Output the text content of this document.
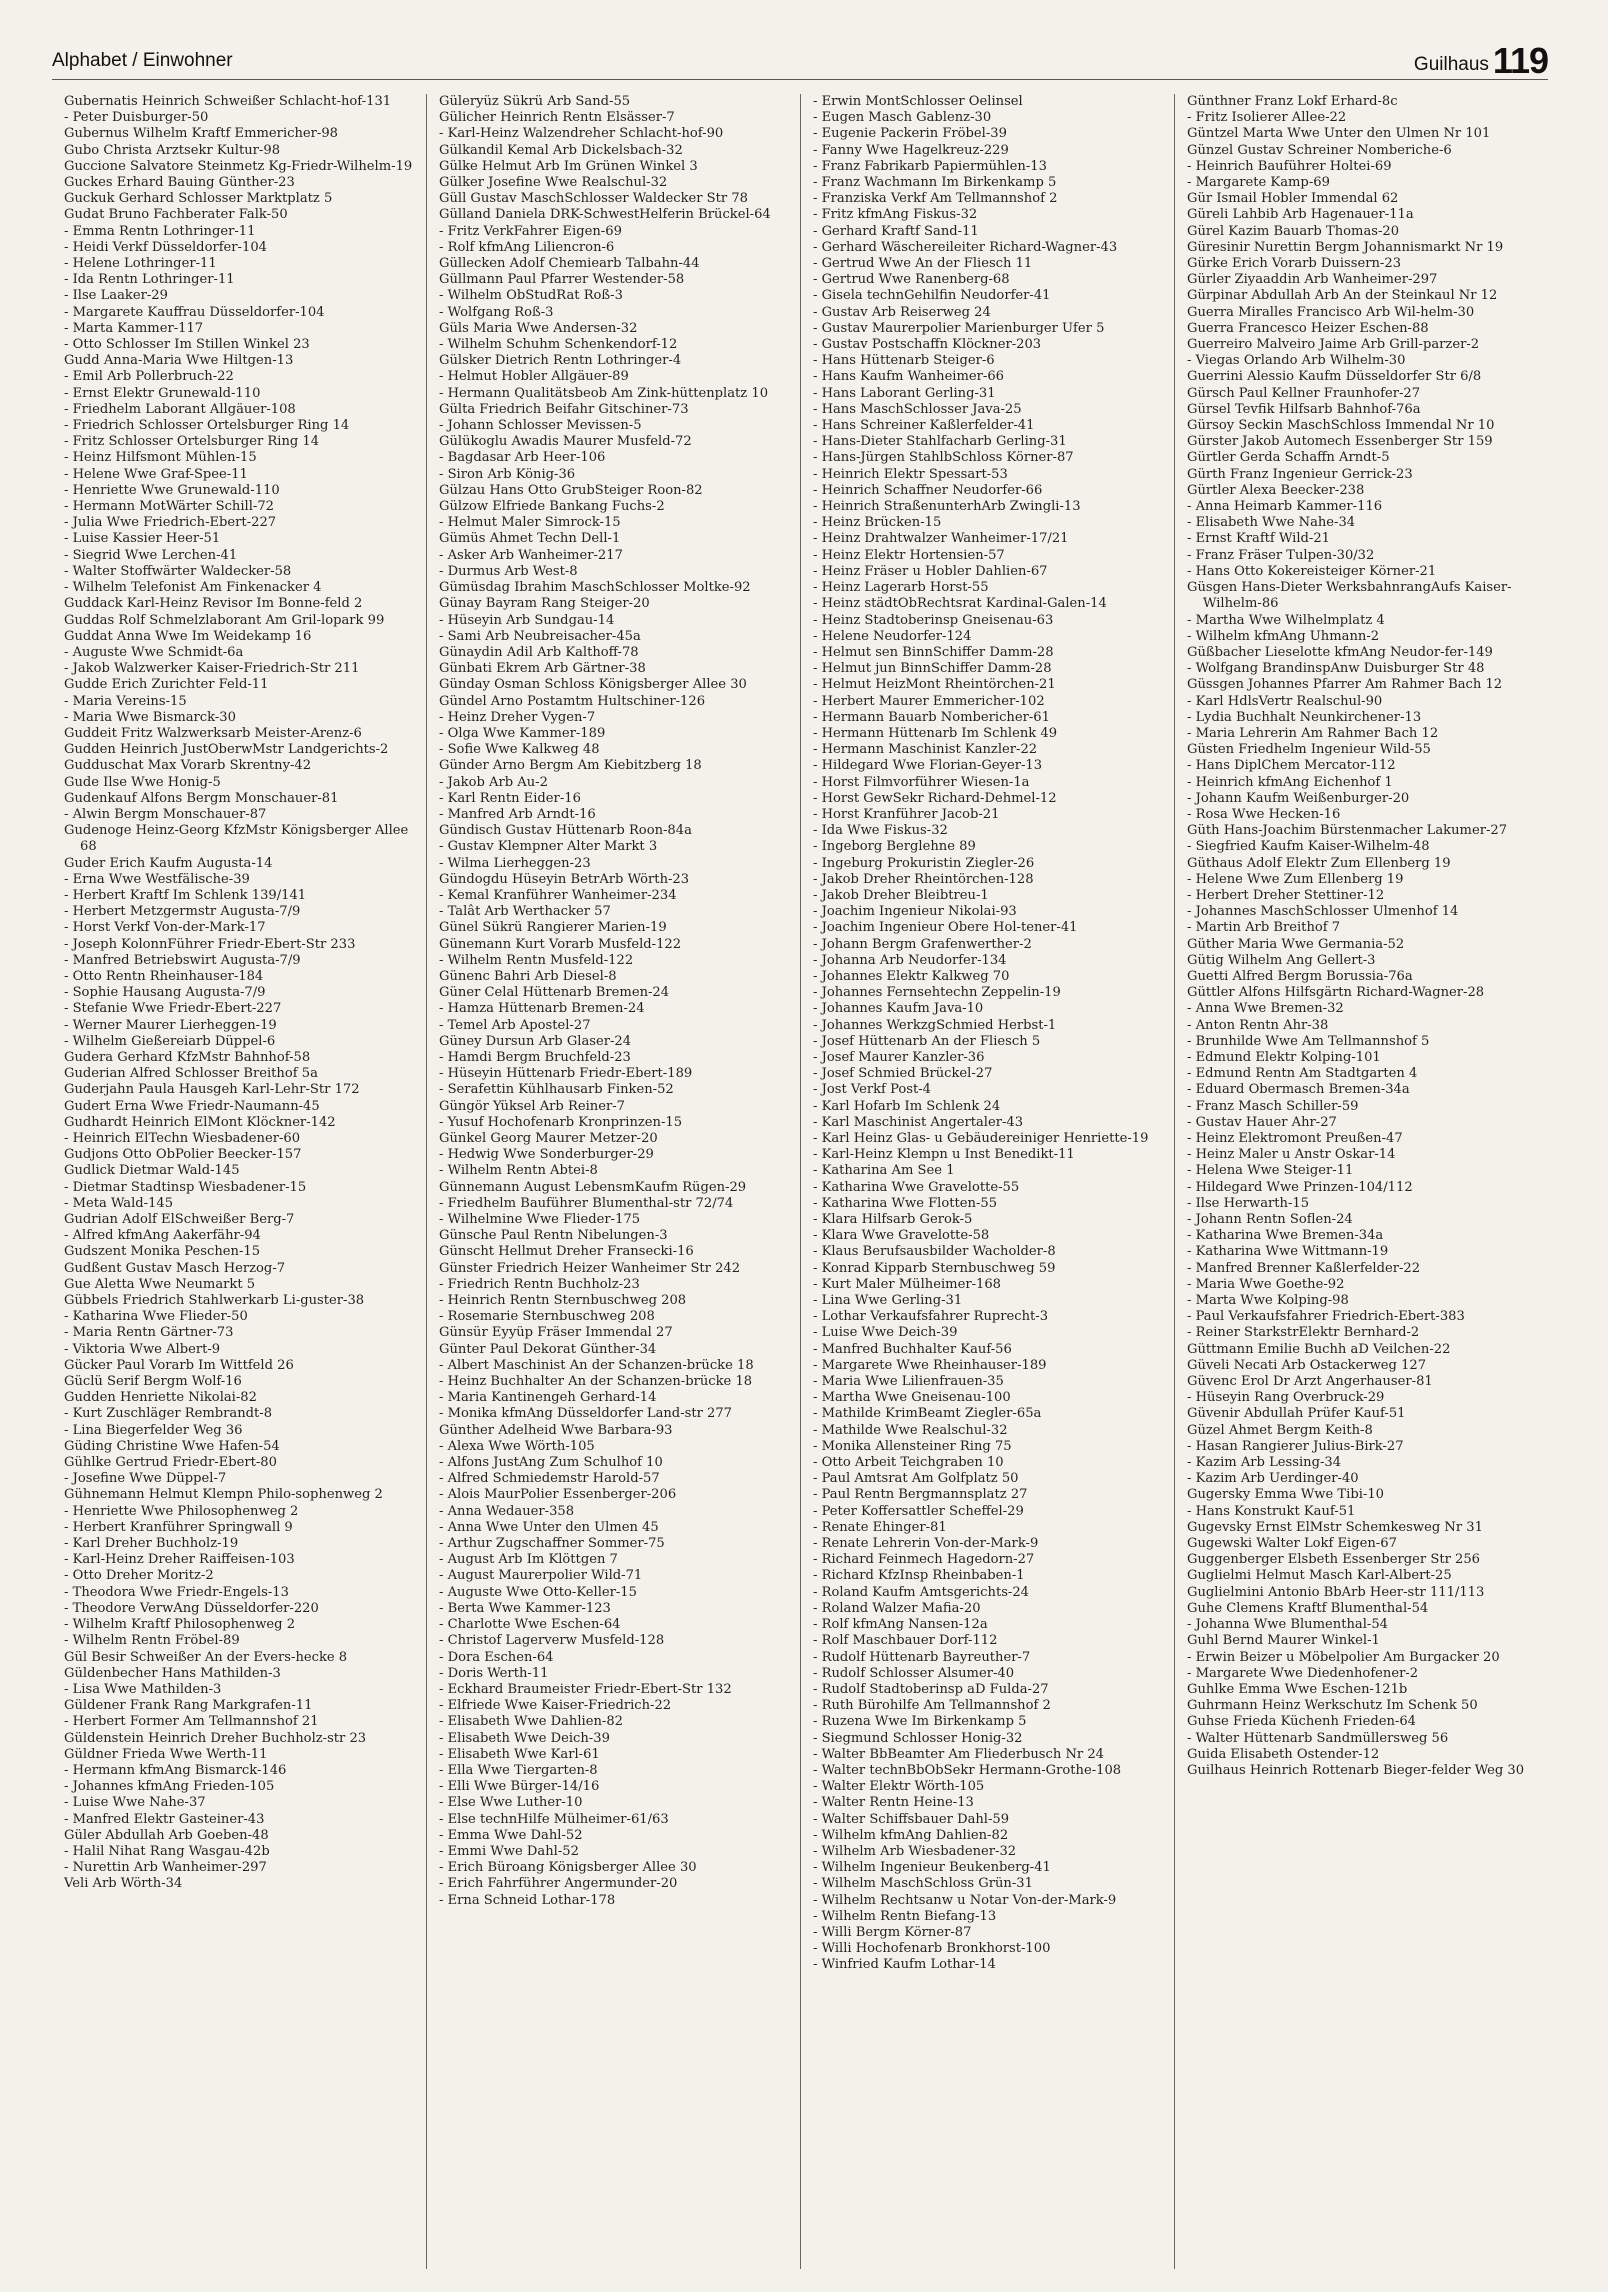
Alphabet / Einwohner	Guilhaus 119

Gubernatis Heinrich Schweißer Schlacht-hof-131

- Peter Duisburger-50

Gubernus Wilhelm Kraftf Emmericher-98

Gubo Christa Arztsekr Kultur-98

Guccione Salvatore Steinmetz Kg-Friedr-Wilhelm-19

Guckes Erhard Bauing Günther-23

Guckuk Gerhard Schlosser Marktplatz 5

Gudat Bruno Fachberater Falk-50

- Emma Rentn Lothringer-11

- Heidi Verkf Düsseldorfer-104

- Helene Lothringer-11

- Ida Rentn Lothringer-11

- Ilse Laaker-29

- Margarete Kauffrau Düsseldorfer-104

- Marta Kammer-117

- Otto Schlosser Im Stillen Winkel 23

Gudd Anna-Maria Wwe Hiltgen-13

- Emil Arb Pollerbruch-22

- Ernst Elektr Grunewald-110

- Friedhelm Laborant Allgäuer-108

- Friedrich Schlosser Ortelsburger Ring 14

- Fritz Schlosser Ortelsburger Ring 14

- Heinz Hilfsmont Mühlen-15

- Helene Wwe Graf-Spee-11

- Henriette Wwe Grunewald-110

- Hermann MotWärter Schill-72

- Julia Wwe Friedrich-Ebert-227

- Luise Kassier Heer-51

- Siegrid Wwe Lerchen-41

- Walter Stoffwärter Waldecker-58

- Wilhelm Telefonist Am Finkenacker 4

Guddack Karl-Heinz Revisor Im Bonne-feld 2

Guddas Rolf Schmelzlaborant Am Gril-lopark 99

Guddat Anna Wwe Im Weidekamp 16

- Auguste Wwe Schmidt-6a

- Jakob Walzwerker Kaiser-Friedrich-Str 211

Gudde Erich Zurichter Feld-11

- Maria Vereins-15

- Maria Wwe Bismarck-30

Guddeit Fritz Walzwerksarb Meister-Arenz-6

Gudden Heinrich JustOberwMstr Landgerichts-2

Gudduschat Max Vorarb Skrentny-42

Gude Ilse Wwe Honig-5

Gudenkauf Alfons Bergm Monschauer-81

- Alwin Bergm Monschauer-87

Gudenoge Heinz-Georg KfzMstr Königsberger Allee 68

Guder Erich Kaufm Augusta-14

- Erna Wwe Westfälische-39

- Herbert Kraftf Im Schlenk 139/141

- Herbert Metzgermstr Augusta-7/9

- Horst Verkf Von-der-Mark-17

- Joseph KolonnFührer Friedr-Ebert-Str 233

- Manfred Betriebswirt Augusta-7/9

- Otto Rentn Rheinhauser-184

- Sophie Hausang Augusta-7/9

- Stefanie Wwe Friedr-Ebert-227

- Werner Maurer Lierheggen-19

- Wilhelm Gießereiarb Düppel-6

Gudera Gerhard KfzMstr Bahnhof-58

Guderian Alfred Schlosser Breithof 5a

Guderjahn Paula Hausgeh Karl-Lehr-Str 172

Gudert Erna Wwe Friedr-Naumann-45

Gudhardt Heinrich ElMont Klöckner-142

- Heinrich ElTechn Wiesbadener-60

Gudjons Otto ObPolier Beecker-157

Gudlick Dietmar Wald-145

- Dietmar Stadtinsp Wiesbadener-15

- Meta Wald-145

Gudrian Adolf ElSchweißer Berg-7

- Alfred kfmAng Aakerfähr-94

Gudszent Monika Peschen-15

Gudßent Gustav Masch Herzog-7

Gue Aletta Wwe Neumarkt 5

Gübbels Friedrich Stahlwerkarb Li-guster-38

- Katharina Wwe Flieder-50

- Maria Rentn Gärtner-73

- Viktoria Wwe Albert-9

Gücker Paul Vorarb Im Wittfeld 26

Güclü Serif Bergm Wolf-16

Gudden Henriette Nikolai-82

- Kurt Zuschläger Rembrandt-8

- Lina Biegerfelder Weg 36

Güding Christine Wwe Hafen-54

Gühlke Gertrud Friedr-Ebert-80

- Josefine Wwe Düppel-7

Gühnemann Helmut Klempn Philo-sophenweg 2

- Henriette Wwe Philosophenweg 2

- Herbert Kranführer Springwall 9

- Karl Dreher Buchholz-19

- Karl-Heinz Dreher Raiffeisen-103

- Otto Dreher Moritz-2

- Theodora Wwe Friedr-Engels-13

- Theodore VerwAng Düsseldorfer-220

- Wilhelm Kraftf Philosophenweg 2

- Wilhelm Rentn Fröbel-89

Gül Besir Schweißer An der Evers-hecke 8

Güldenbecher Hans Mathilden-3

- Lisa Wwe Mathilden-3

Güldener Frank Rang Markgrafen-11

- Herbert Former Am Tellmannshof 21

Güldenstein Heinrich Dreher Buchholz-str 23

Güldner Frieda Wwe Werth-11

- Hermann kfmAng Bismarck-146

- Johannes kfmAng Frieden-105

- Luise Wwe Nahe-37

- Manfred Elektr Gasteiner-43

Güler Abdullah Arb Goeben-48

- Halil Nihat Rang Wasgau-42b

- Nurettin Arb Wanheimer-297

Veli Arb Wörth-34

Güleryüz Sükrü Arb Sand-55

Gülicher Heinrich Rentn Elsässer-7

- Karl-Heinz Walzendreher Schlacht-hof-90

Gülkandil Kemal Arb Dickelsbach-32

Gülke Helmut Arb Im Grünen Winkel 3

Gülker Josefine Wwe Realschul-32

Güll Gustav MaschSchlosser Waldecker Str 78

Gülland Daniela DRK-SchwestHelferin Brückel-64

- Fritz VerkFahrer Eigen-69

- Rolf kfmAng Liliencron-6

Güllecken Adolf Chemiearb Talbahn-44

Güllmann Paul Pfarrer Westender-58

- Wilhelm ObStudRat Roß-3

- Wolfgang Roß-3

Güls Maria Wwe Andersen-32

- Wilhelm Schuhm Schenkendorf-12

Gülsker Dietrich Rentn Lothringer-4

- Helmut Hobler Allgäuer-89

- Hermann Qualitätsbeob Am Zink-hüttenplatz 10

Gülta Friedrich Beifahr Gitschiner-73

- Johann Schlosser Mevissen-5

Gülükoglu Awadis Maurer Musfeld-72

- Bagdasar Arb Heer-106

- Siron Arb König-36

Gülzau Hans Otto GrubSteiger Roon-82

Gülzow Elfriede Bankang Fuchs-2

- Helmut Maler Simrock-15

Gümüs Ahmet Techn Dell-1

- Asker Arb Wanheimer-217

- Durmus Arb West-8

Gümüsdag Ibrahim MaschSchlosser Moltke-92

Günay Bayram Rang Steiger-20

- Hüseyin Arb Sundgau-14

- Sami Arb Neubreisacher-45a

Günaydin Adil Arb Kalthoff-78

Günbati Ekrem Arb Gärtner-38

Günday Osman Schloss Königsberger Allee 30

Gündel Arno Postamtm Hultschiner-126

- Heinz Dreher Vygen-7

- Olga Wwe Kammer-189

- Sofie Wwe Kalkweg 48

Günder Arno Bergm Am Kiebitzberg 18

- Jakob Arb Au-2

- Karl Rentn Eider-16

- Manfred Arb Arndt-16

Gündisch Gustav Hüttenarb Roon-84a

- Gustav Klempner Alter Markt 3

- Wilma Lierheggen-23

Gündogdu Hüseyin BetrArb Wörth-23

- Kemal Kranführer Wanheimer-234

- Talât Arb Werthacker 57

Günel Sükrü Rangierer Marien-19

Günemann Kurt Vorarb Musfeld-122

- Wilhelm Rentn Musfeld-122

Günenc Bahri Arb Diesel-8

Güner Celal Hüttenarb Bremen-24

- Hamza Hüttenarb Bremen-24

- Temel Arb Apostel-27

Güney Dursun Arb Glaser-24

- Hamdi Bergm Bruchfeld-23

- Hüseyin Hüttenarb Friedr-Ebert-189

- Serafettin Kühlhausarb Finken-52

Güngör Yüksel Arb Reiner-7

- Yusuf Hochofenarb Kronprinzen-15

Günkel Georg Maurer Metzer-20

- Hedwig Wwe Sonderburger-29

- Wilhelm Rentn Abtei-8

Günnemann August LebensmKaufm Rügen-29

- Friedhelm Bauführer Blumenthal-str 72/74

- Wilhelmine Wwe Flieder-175

Günsche Paul Rentn Nibelungen-3

Günscht Hellmut Dreher Fransecki-16

Günster Friedrich Heizer Wanheimer Str 242

- Friedrich Rentn Buchholz-23

- Heinrich Rentn Sternbuschweg 208

- Rosemarie Sternbuschweg 208

Günsür Eyyüp Fräser Immendal 27

Günter Paul Dekorat Günther-34

- Albert Maschinist An der Schanzen-brücke 18

- Heinz Buchhalter An der Schanzen-brücke 18

- Maria Kantinengeh Gerhard-14

- Monika kfmAng Düsseldorfer Land-str 277

Günther Adelheid Wwe Barbara-93

- Alexa Wwe Wörth-105

- Alfons JustAng Zum Schulhof 10

- Alfred Schmiedemstr Harold-57

- Alois MaurPolier Essenberger-206

- Anna Wedauer-358

- Anna Wwe Unter den Ulmen 45

- Arthur Zugschaffner Sommer-75

- August Arb Im Klöttgen 7

- August Maurerpolier Wild-71

- Auguste Wwe Otto-Keller-15

- Berta Wwe Kammer-123

- Charlotte Wwe Eschen-64

- Christof Lagerverw Musfeld-128

- Dora Eschen-64

- Doris Werth-11

- Eckhard Braumeister Friedr-Ebert-Str 132

- Elfriede Wwe Kaiser-Friedrich-22

- Elisabeth Wwe Dahlien-82

- Elisabeth Wwe Deich-39

- Elisabeth Wwe Karl-61

- Ella Wwe Tiergarten-8

- Elli Wwe Bürger-14/16

- Else Wwe Luther-10

- Else technHilfe Mülheimer-61/63

- Emma Wwe Dahl-52

- Emmi Wwe Dahl-52

- Erich Büroang Königsberger Allee 30

- Erich Fahrführer Angermunder-20

- Erna Schneid Lothar-178

- Erwin MontSchlosser Oelinsel

- Eugen Masch Gablenz-30

- Eugenie Packerin Fröbel-39

- Fanny Wwe Hagelkreuz-229

- Franz Fabrikarb Papiermühlen-13

- Franz Wachmann Im Birkenkamp 5

- Franziska Verkf Am Tellmannshof 2

- Fritz kfmAng Fiskus-32

- Gerhard Kraftf Sand-11

- Gerhard Wäschereileiter Richard-Wagner-43

- Gertrud Wwe An der Fliesch 11

- Gertrud Wwe Ranenberg-68

- Gisela technGehilfin Neudorfer-41

- Gustav Arb Reiserweg 24

- Gustav Maurerpolier Marienburger Ufer 5

- Gustav Postschaffn Klöckner-203

- Hans Hüttenarb Steiger-6

- Hans Kaufm Wanheimer-66

- Hans Laborant Gerling-31

- Hans MaschSchlosser Java-25

- Hans Schreiner Kaßlerfelder-41

- Hans-Dieter Stahlfacharb Gerling-31

- Hans-Jürgen StahlbSchloss Körner-87

- Heinrich Elektr Spessart-53

- Heinrich Schaffner Neudorfer-66

- Heinrich StraßenunterhArb Zwingli-13

- Heinz Brücken-15

- Heinz Drahtwalzer Wanheimer-17/21

- Heinz Elektr Hortensien-57

- Heinz Fräser u Hobler Dahlien-67

- Heinz Lagerarb Horst-55

- Heinz städtObRechtsrat Kardinal-Galen-14

- Heinz Stadtoberinsp Gneisenau-63

- Helene Neudorfer-124

- Helmut sen BinnSchiffer Damm-28

- Helmut jun BinnSchiffer Damm-28

- Helmut HeizMont Rheintörchen-21

- Herbert Maurer Emmericher-102

- Hermann Bauarb Nombericher-61

- Hermann Hüttenarb Im Schlenk 49

- Hermann Maschinist Kanzler-22

- Hildegard Wwe Florian-Geyer-13

- Horst Filmvorführer Wiesen-1a

- Horst GewSekr Richard-Dehmel-12

- Horst Kranführer Jacob-21

- Ida Wwe Fiskus-32

- Ingeborg Berglehne 89

- Ingeburg Prokuristin Ziegler-26

- Jakob Dreher Rheintörchen-128

- Jakob Dreher Bleibtreu-1

- Joachim Ingenieur Nikolai-93

- Joachim Ingenieur Obere Hol-tener-41

- Johann Bergm Grafenwerther-2

- Johanna Arb Neudorfer-134

- Johannes Elektr Kalkweg 70

- Johannes Fernsehtechn Zeppelin-19

- Johannes Kaufm Java-10

- Johannes WerkzgSchmied Herbst-1

- Josef Hüttenarb An der Fliesch 5

- Josef Maurer Kanzler-36

- Josef Schmied Brückel-27

- Jost Verkf Post-4

- Karl Hofarb Im Schlenk 24

- Karl Maschinist Angertaler-43

- Karl Heinz Glas- u Gebäudereiniger Henriette-19

- Karl-Heinz Klempn u Inst Benedikt-11

- Katharina Am See 1

- Katharina Wwe Gravelotte-55

- Katharina Wwe Flotten-55

- Klara Hilfsarb Gerok-5

- Klara Wwe Gravelotte-58

- Klaus Berufsausbilder Wacholder-8

- Konrad Kipparb Sternbuschweg 59

- Kurt Maler Mülheimer-168

- Lina Wwe Gerling-31

- Lothar Verkaufsfahrer Ruprecht-3

- Luise Wwe Deich-39

- Manfred Buchhalter Kauf-56

- Margarete Wwe Rheinhauser-189

- Maria Wwe Lilienfrauen-35

- Martha Wwe Gneisenau-100

- Mathilde KrimBeamt Ziegler-65a

- Mathilde Wwe Realschul-32

- Monika Allensteiner Ring 75

- Otto Arbeit Teichgraben 10

- Paul Amtsrat Am Golfplatz 50

- Paul Rentn Bergmannsplatz 27

- Peter Koffersattler Scheffel-29

- Renate Ehinger-81

- Renate Lehrerin Von-der-Mark-9

- Richard Feinmech Hagedorn-27

- Richard KfzInsp Rheinbaben-1

- Roland Kaufm Amtsgerichts-24

- Roland Walzer Mafia-20

- Rolf kfmAng Nansen-12a

- Rolf Maschbauer Dorf-112

- Rudolf Hüttenarb Bayreuther-7

- Rudolf Schlosser Alsumer-40

- Rudolf Stadtoberinsp aD Fulda-27

- Ruth Bürohilfe Am Tellmannshof 2

- Ruzena Wwe Im Birkenkamp 5

- Siegmund Schlosser Honig-32

- Walter BbBeamter Am Fliederbusch Nr 24

- Walter technBbObSekr Hermann-Grothe-108

- Walter Elektr Wörth-105

- Walter Rentn Heine-13

- Walter Schiffsbauer Dahl-59

- Wilhelm kfmAng Dahlien-82

- Wilhelm Arb Wiesbadener-32

- Wilhelm Ingenieur Beukenberg-41

- Wilhelm MaschSchloss Grün-31

- Wilhelm Rechtsanw u Notar Von-der-Mark-9

- Wilhelm Rentn Biefang-13

- Willi Bergm Körner-87

- Willi Hochofenarb Bronkhorst-100

- Winfried Kaufm Lothar-14

Günthner Franz Lokf Erhard-8c

- Fritz Isolierer Allee-22

Güntzel Marta Wwe Unter den Ulmen Nr 101

Günzel Gustav Schreiner Nomberiche-6

- Heinrich Bauführer Holtei-69

- Margarete Kamp-69

Gür Ismail Hobler Immendal 62

Güreli Lahbib Arb Hagenauer-11a

Gürel Kazim Bauarb Thomas-20

Güresinir Nurettin Bergm Johannismarkt Nr 19

Gürke Erich Vorarb Duissern-23

Gürler Ziyaaddin Arb Wanheimer-297

Gürpinar Abdullah Arb An der Steinkaul Nr 12

Guerra Miralles Francisco Arb Wil-helm-30

Guerra Francesco Heizer Eschen-88

Guerreiro Malveiro Jaime Arb Grill-parzer-2

- Viegas Orlando Arb Wilhelm-30

Guerrini Alessio Kaufm Düsseldorfer Str 6/8

Gürsch Paul Kellner Fraunhofer-27

Gürsel Tevfik Hilfsarb Bahnhof-76a

Gürsoy Seckin MaschSchloss Immendal Nr 10

Gürster Jakob Automech Essenberger Str 159

Gürtler Gerda Schaffn Arndt-5

Gürth Franz Ingenieur Gerrick-23

Gürtler Alexa Beecker-238

- Anna Heimarb Kammer-116

- Elisabeth Wwe Nahe-34

- Ernst Kraftf Wild-21

- Franz Fräser Tulpen-30/32

- Hans Otto Kokereisteiger Körner-21

Güsgen Hans-Dieter WerksbahnrangAufs Kaiser-Wilhelm-86

- Martha Wwe Wilhelmplatz 4

- Wilhelm kfmAng Uhmann-2

Güßbacher Lieselotte kfmAng Neudor-fer-149

- Wolfgang BrandinspAnw Duisburger Str 48

Güssgen Johannes Pfarrer Am Rahmer Bach 12

- Karl HdlsVertr Realschul-90

- Lydia Buchhalt Neunkirchener-13

- Maria Lehrerin Am Rahmer Bach 12

Güsten Friedhelm Ingenieur Wild-55

- Hans DiplChem Mercator-112

- Heinrich kfmAng Eichenhof 1

- Johann Kaufm Weißenburger-20

- Rosa Wwe Hecken-16

Güth Hans-Joachim Bürstenmacher Lakumer-27

- Siegfried Kaufm Kaiser-Wilhelm-48

Güthaus Adolf Elektr Zum Ellenberg 19

- Helene Wwe Zum Ellenberg 19

- Herbert Dreher Stettiner-12

- Johannes MaschSchlosser Ulmenhof 14

- Martin Arb Breithof 7

Güther Maria Wwe Germania-52

Gütig Wilhelm Ang Gellert-3

Guetti Alfred Bergm Borussia-76a

Güttler Alfons Hilfsgärtn Richard-Wagner-28

- Anna Wwe Bremen-32

- Anton Rentn Ahr-38

- Brunhilde Wwe Am Tellmannshof 5

- Edmund Elektr Kolping-101

- Edmund Rentn Am Stadtgarten 4

- Eduard Obermasch Bremen-34a

- Franz Masch Schiller-59

- Gustav Hauer Ahr-27

- Heinz Elektromont Preußen-47

- Heinz Maler u Anstr Oskar-14

- Helena Wwe Steiger-11

- Hildegard Wwe Prinzen-104/112

- Ilse Herwarth-15

- Johann Rentn Soflen-24

- Katharina Wwe Bremen-34a

- Katharina Wwe Wittmann-19

- Manfred Brenner Kaßlerfelder-22

- Maria Wwe Goethe-92

- Marta Wwe Kolping-98

- Paul Verkaufsfahrer Friedrich-Ebert-383

- Reiner StarkstrElektr Bernhard-2

Güttmann Emilie Buchh aD Veilchen-22

Güveli Necati Arb Ostackerweg 127

Güvenc Erol Dr Arzt Angerhauser-81

- Hüseyin Rang Overbruck-29

Güvenir Abdullah Prüfer Kauf-51

Güzel Ahmet Bergm Keith-8

- Hasan Rangierer Julius-Birk-27

- Kazim Arb Lessing-34

- Kazim Arb Uerdinger-40

Gugersky Emma Wwe Tibi-10

- Hans Konstrukt Kauf-51

Gugevsky Ernst ElMstr Schemkesweg Nr 31

Gugewski Walter Lokf Eigen-67

Guggenberger Elsbeth Essenberger Str 256

Guglielmi Helmut Masch Karl-Albert-25

Guglielmini Antonio BbArb Heer-str 111/113

Guhe Clemens Kraftf Blumenthal-54

- Johanna Wwe Blumenthal-54

Guhl Bernd Maurer Winkel-1

- Erwin Beizer u Möbelpolier Am Burgacker 20

- Margarete Wwe Diedenhofener-2

Guhlke Emma Wwe Eschen-121b

Guhrmann Heinz Werkschutz Im Schenk 50

Guhse Frieda Küchenh Frieden-64

- Walter Hüttenarb Sandmüllersweg 56

Guida Elisabeth Ostender-12

Guilhaus Heinrich Rottenarb Bieger-felder Weg 30
